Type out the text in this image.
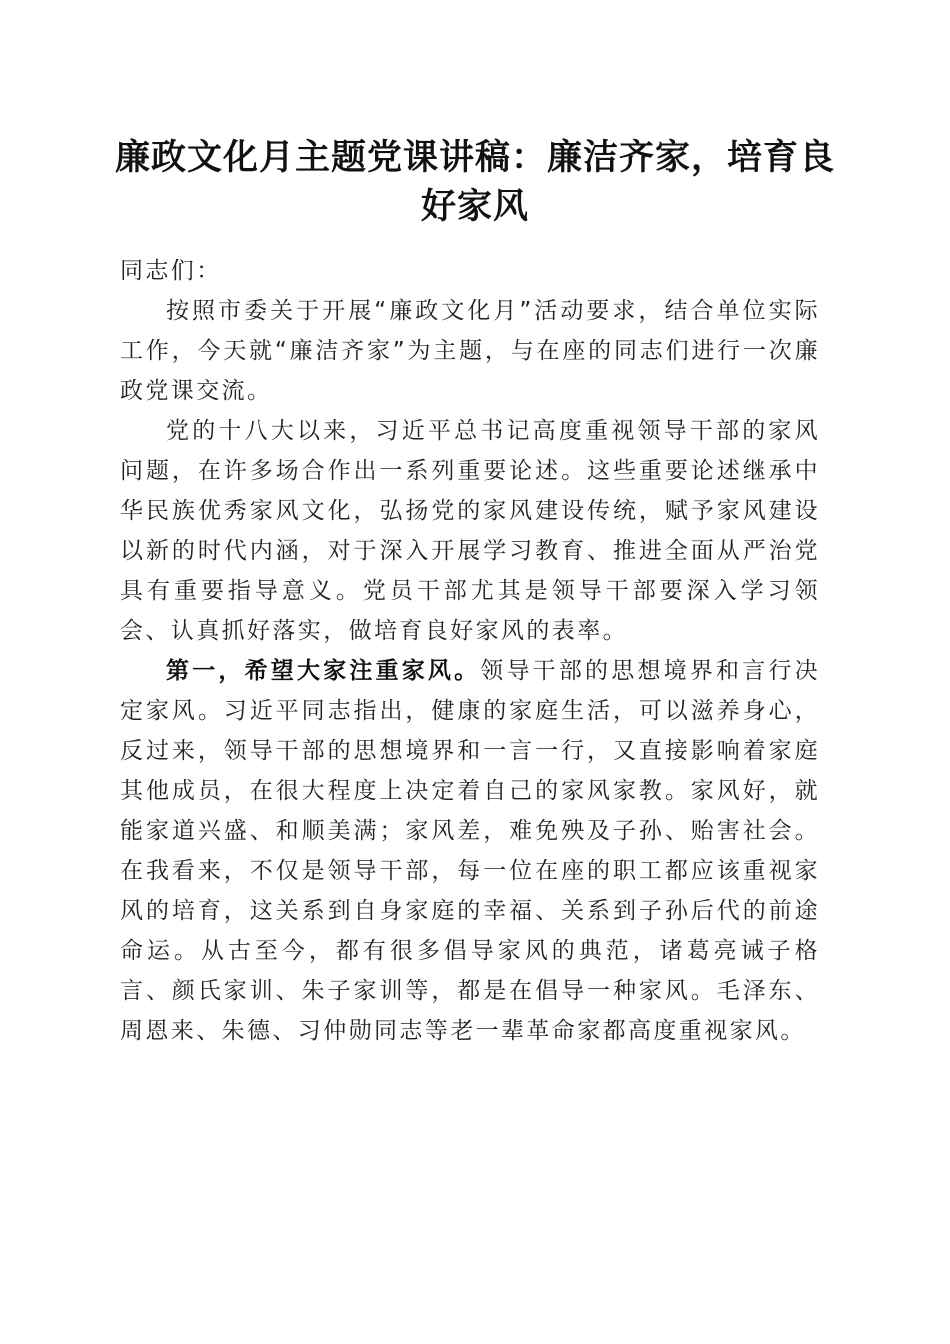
廉政文化月主题党课讲稿：廉洁齐家，培育良好家风

同志们：

按照市委关于开展“廉政文化月”活动要求，结合单位实际工作，今天就“廉洁齐家”为主题，与在座的同志们进行一次廉政党课交流。

党的十八大以来，习近平总书记高度重视领导干部的家风问题，在许多场合作出一系列重要论述。这些重要论述继承中华民族优秀家风文化，弘扬党的家风建设传统，赋予家风建设以新的时代内涵，对于深入开展学习教育、推进全面从严治党具有重要指导意义。党员干部尤其是领导干部要深入学习领会、认真抓好落实，做培育良好家风的表率。

第一，希望大家注重家风。领导干部的思想境界和言行决定家风。习近平同志指出，健康的家庭生活，可以滋养身心，反过来，领导干部的思想境界和一言一行，又直接影响着家庭其他成员，在很大程度上决定着自己的家风家教。家风好，就能家道兴盛、和顺美满；家风差，难免殃及子孙、贻害社会。在我看来，不仅是领导干部，每一位在座的职工都应该重视家风的培育，这关系到自身家庭的幸福、关系到子孙后代的前途命运。从古至今，都有很多倡导家风的典范，诸葛亮诫子格言、颜氏家训、朱子家训等，都是在倡导一种家风。毛泽东、周恩来、朱德、习仲勋同志等老一辈革命家都高度重视家风。
